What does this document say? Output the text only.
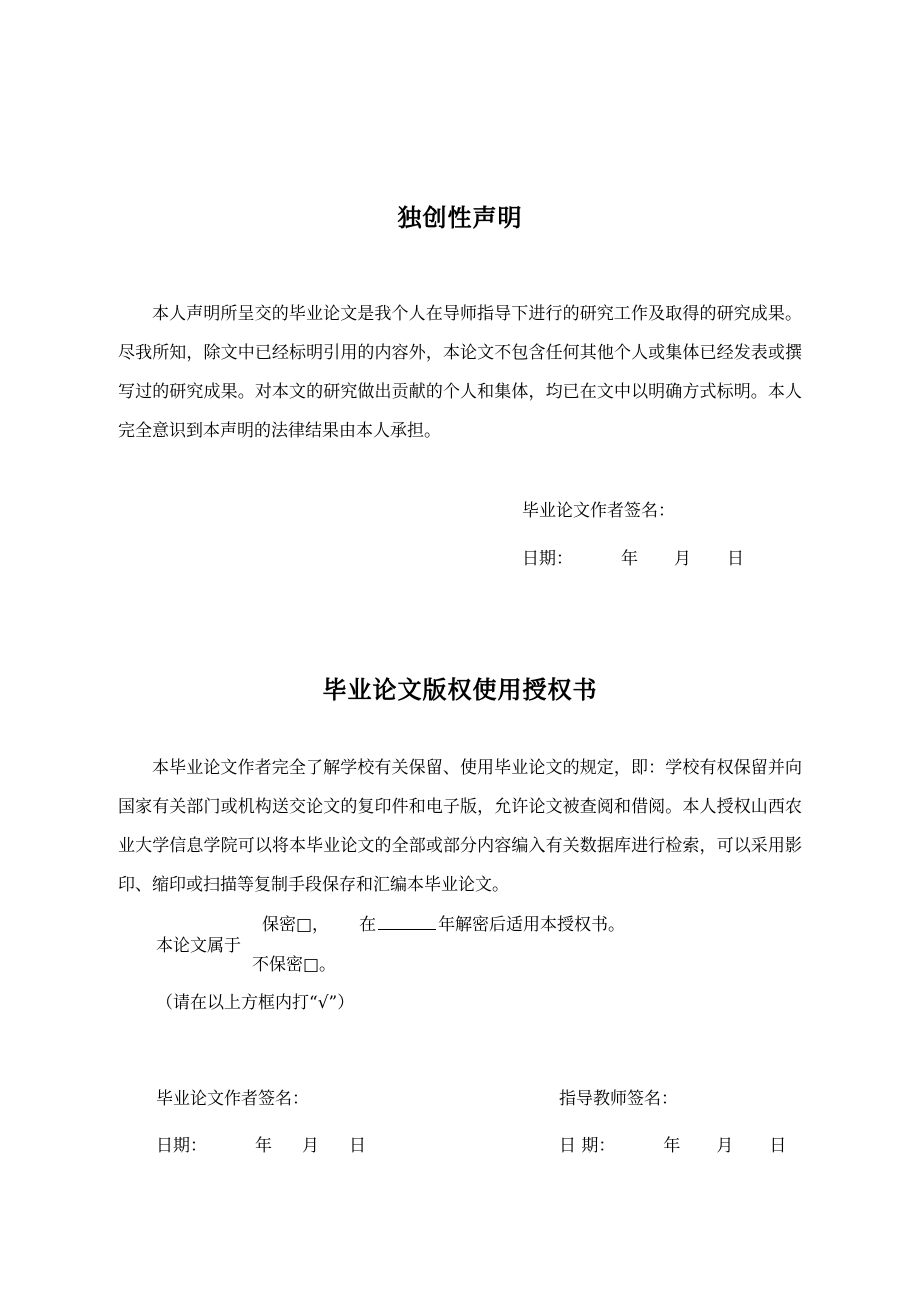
独创性声明

本人声明所呈交的毕业论文是我个人在导师指导下进行的研究工作及取得的研究成果。尽我所知，除文中已经标明引用的内容外，本论文不包含任何其他个人或集体已经发表或撰写过的研究成果。对本文的研究做出贡献的个人和集体，均已在文中以明确方式标明。本人完全意识到本声明的法律结果由本人承担。

毕业论文作者签名：
日期：	年 月 日
毕业论文版权使用授权书

本毕业论文作者完全了解学校有关保留、使用毕业论文的规定，即：学校有权保留并向国家有关部门或机构送交论文的复印件和电子版，允许论文被查阅和借阅。本人授权山西农业大学信息学院可以将本毕业论文的全部或部分内容编入有关数据库进行检索，可以采用影印、缩印或扫描等复制手段保存和汇编本毕业论文。

保密□， 在	年解密后适用本授权书。
本论文属于
不保密□。
（请在以上方框内打“√”）
毕业论文作者签名：	指导教师签名：
日期：	年 月 日	日 期：	年 月 日
